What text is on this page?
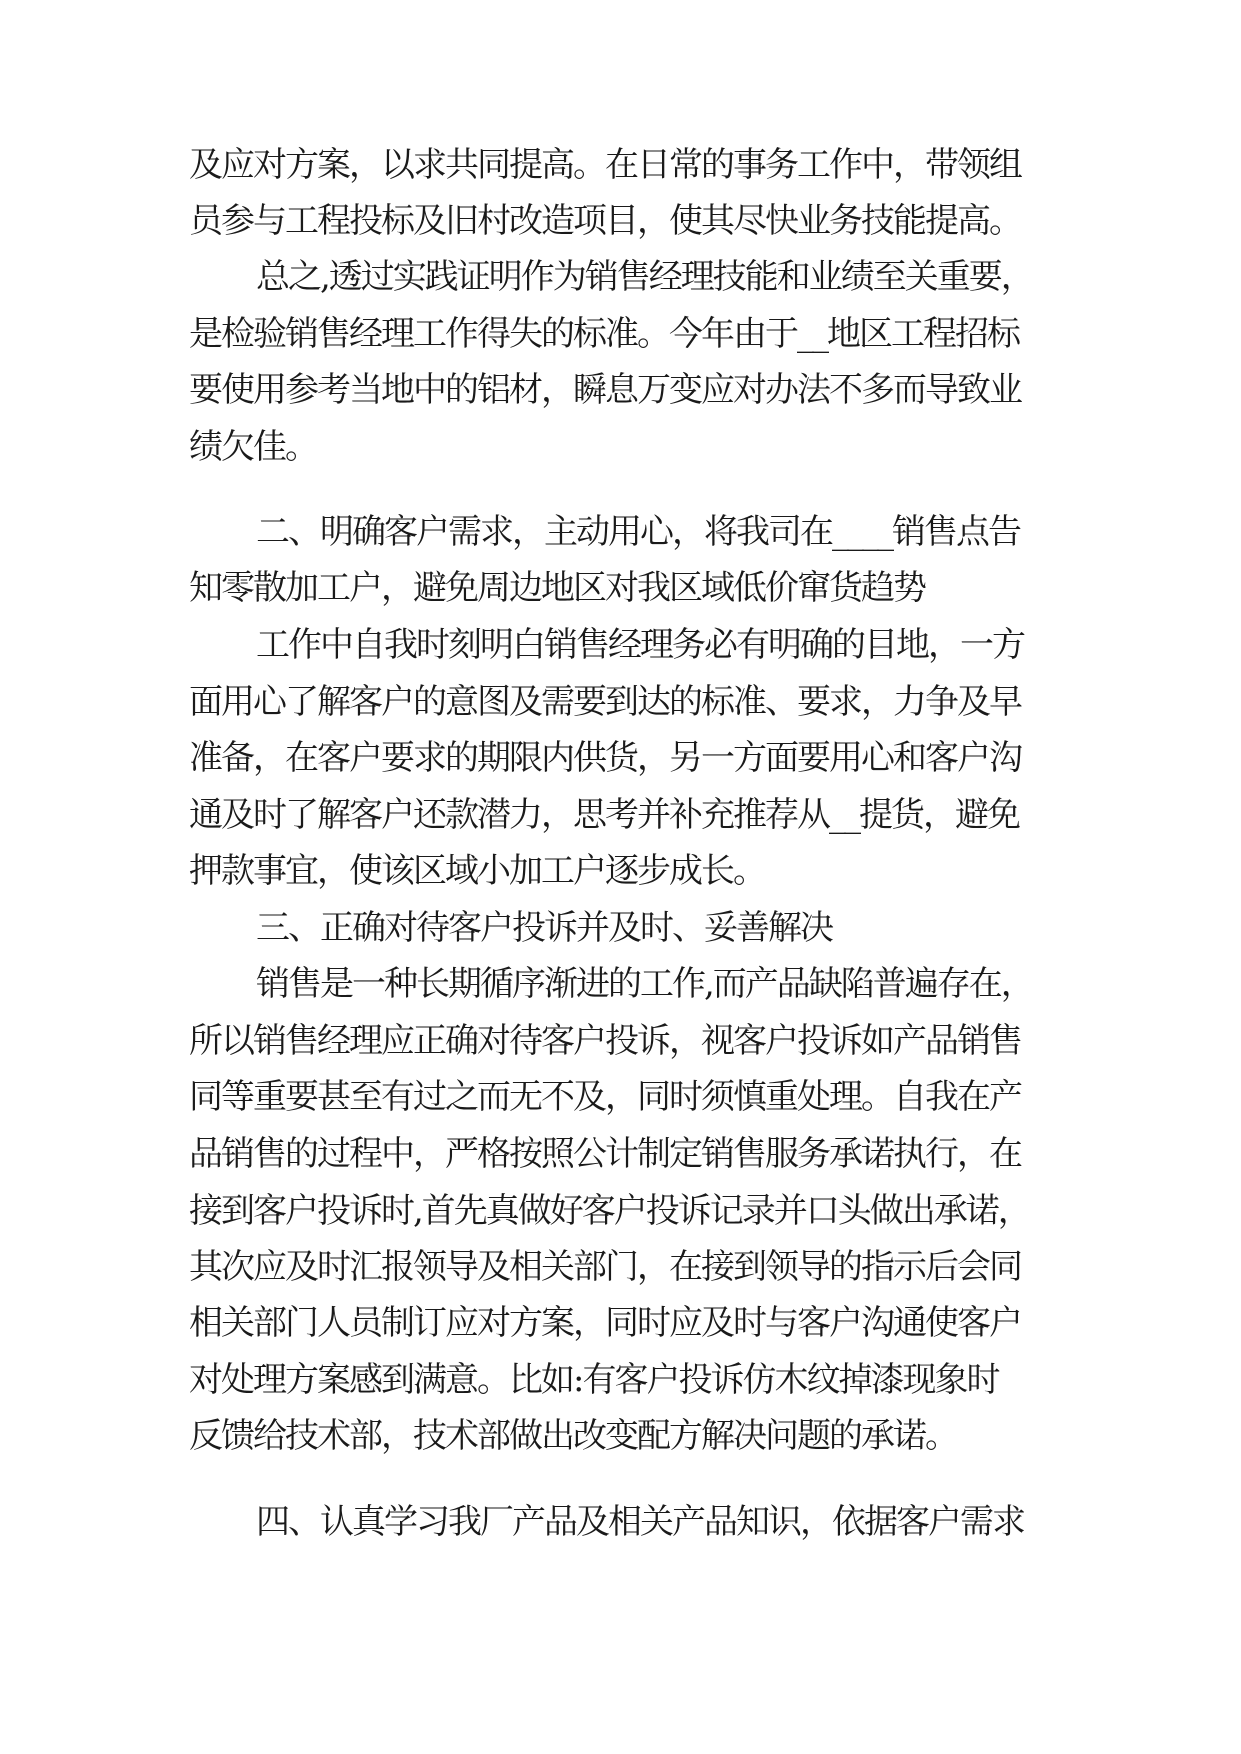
及应对方案，以求共同提高。在日常的事务工作中，带领组
员参与工程投标及旧村改造项目，使其尽快业务技能提高。
总之,透过实践证明作为销售经理技能和业绩至关重要，
是检验销售经理工作得失的标准。今年由于__地区工程招标
要使用参考当地中的铝材，瞬息万变应对办法不多而导致业
绩欠佳。
二、明确客户需求，主动用心，将我司在____销售点告
知零散加工户，避免周边地区对我区域低价窜货趋势
工作中自我时刻明白销售经理务必有明确的目地，一方
面用心了解客户的意图及需要到达的标准、要求，力争及早
准备，在客户要求的期限内供货，另一方面要用心和客户沟
通及时了解客户还款潜力，思考并补充推荐从__提货，避免
押款事宜，使该区域小加工户逐步成长。
三、正确对待客户投诉并及时、妥善解决
销售是一种长期循序渐进的工作,而产品缺陷普遍存在，
所以销售经理应正确对待客户投诉，视客户投诉如产品销售
同等重要甚至有过之而无不及，同时须慎重处理。自我在产
品销售的过程中，严格按照公计制定销售服务承诺执行，在
接到客户投诉时,首先真做好客户投诉记录并口头做出承诺，
其次应及时汇报领导及相关部门，在接到领导的指示后会同
相关部门人员制订应对方案，同时应及时与客户沟通使客户
对处理方案感到满意。比如:有客户投诉仿木纹掉漆现象时
反馈给技术部，技术部做出改变配方解决问题的承诺。
四、认真学习我厂产品及相关产品知识，依据客户需求
